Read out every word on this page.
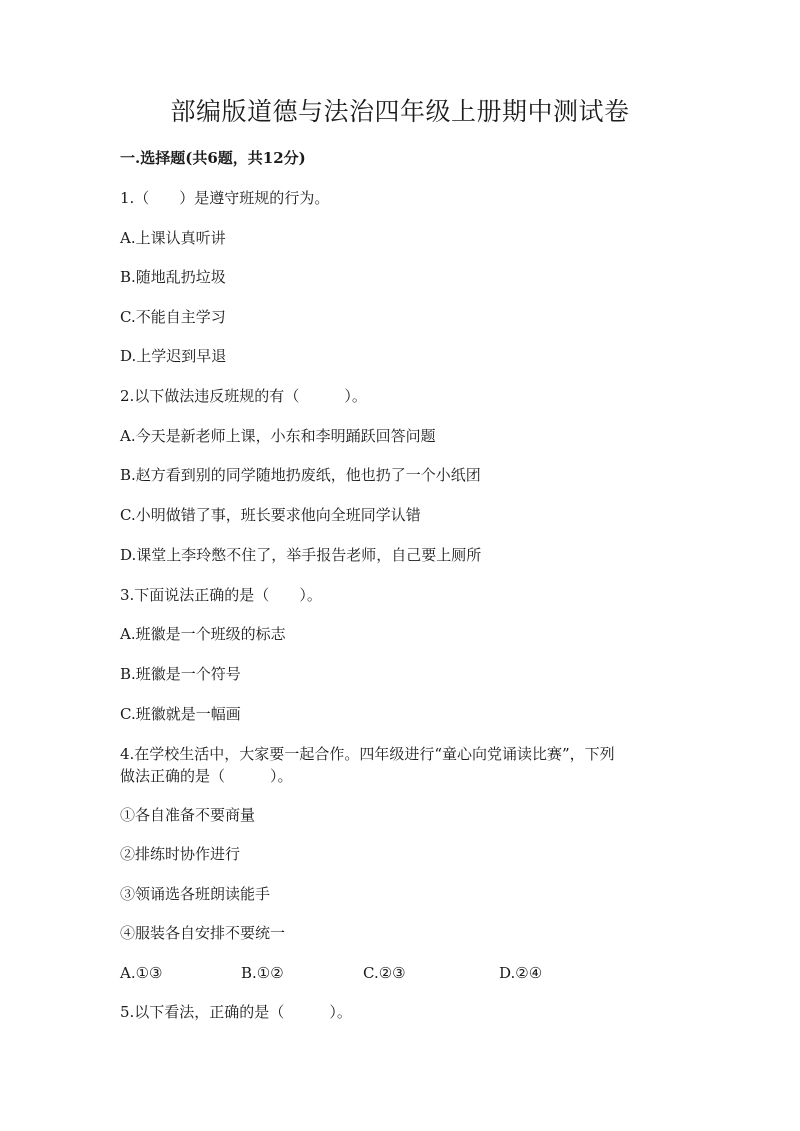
部编版道德与法治四年级上册期中测试卷
一.选择题(共6题，共12分)
1.（　　）是遵守班规的行为。
A.上课认真听讲
B.随地乱扔垃圾
C.不能自主学习
D.上学迟到早退
2.以下做法违反班规的有（　　　）。
A.今天是新老师上课，小东和李明踊跃回答问题
B.赵方看到别的同学随地扔废纸，他也扔了一个小纸团
C.小明做错了事，班长要求他向全班同学认错
D.课堂上李玲憋不住了，举手报告老师，自己要上厕所
3.下面说法正确的是（　　）。
A.班徽是一个班级的标志
B.班徽是一个符号
C.班徽就是一幅画
4.在学校生活中，大家要一起合作。四年级进行“童心向党诵读比赛”，下列
做法正确的是（　　　）。
①各自准备不要商量
②排练时协作进行
③领诵选各班朗读能手
④服装各自安排不要统一
A.①③	B.①②	C.②③	D.②④
5.以下看法，正确的是（　　　）。
